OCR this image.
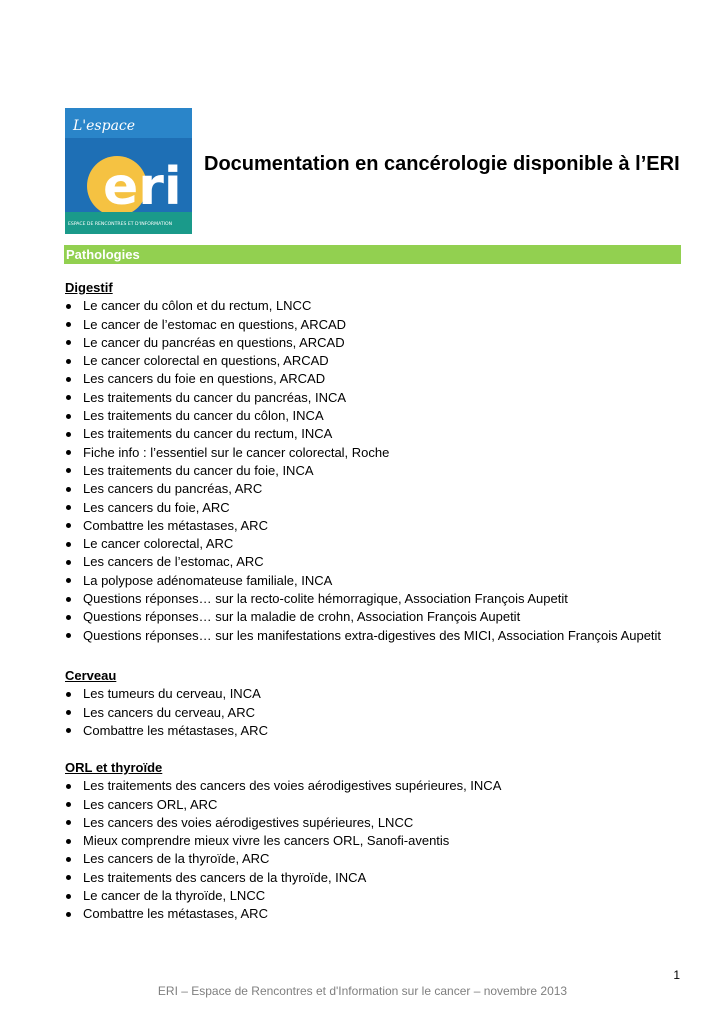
L'espace
eri
ESPACE DE RENCONTRES ET D'INFORMATION
Documentation en cancérologie disponible à l’ERI
Pathologies
Digestif
Le cancer du côlon et du rectum, LNCC
Le cancer de l’estomac en questions, ARCAD
Le cancer du pancréas en questions, ARCAD
Le cancer colorectal en questions, ARCAD
Les cancers du foie en questions, ARCAD
Les traitements du cancer du pancréas, INCA
Les traitements du cancer du côlon, INCA
Les traitements du cancer du rectum, INCA
Fiche info : l’essentiel sur le cancer colorectal, Roche
Les traitements du cancer du foie, INCA
Les cancers du pancréas, ARC
Les cancers du foie, ARC
Combattre les métastases, ARC
Le cancer colorectal, ARC
Les cancers de l’estomac, ARC
La polypose adénomateuse familiale, INCA
Questions réponses… sur la recto-colite hémorragique, Association François Aupetit
Questions réponses… sur la maladie de crohn, Association François Aupetit
Questions réponses… sur les manifestations extra-digestives des MICI, Association François Aupetit
Cerveau
Les tumeurs du cerveau, INCA
Les cancers du cerveau, ARC
Combattre les métastases, ARC
ORL et thyroïde
Les traitements des cancers des voies aérodigestives supérieures, INCA
Les cancers ORL, ARC
Les cancers des voies aérodigestives supérieures, LNCC
Mieux comprendre mieux vivre les cancers ORL, Sanofi-aventis
Les cancers de la thyroïde, ARC
Les traitements des cancers de la thyroïde, INCA
Le cancer de la thyroïde, LNCC
Combattre les métastases, ARC
1
ERI – Espace de Rencontres et d'Information sur le cancer – novembre 2013
